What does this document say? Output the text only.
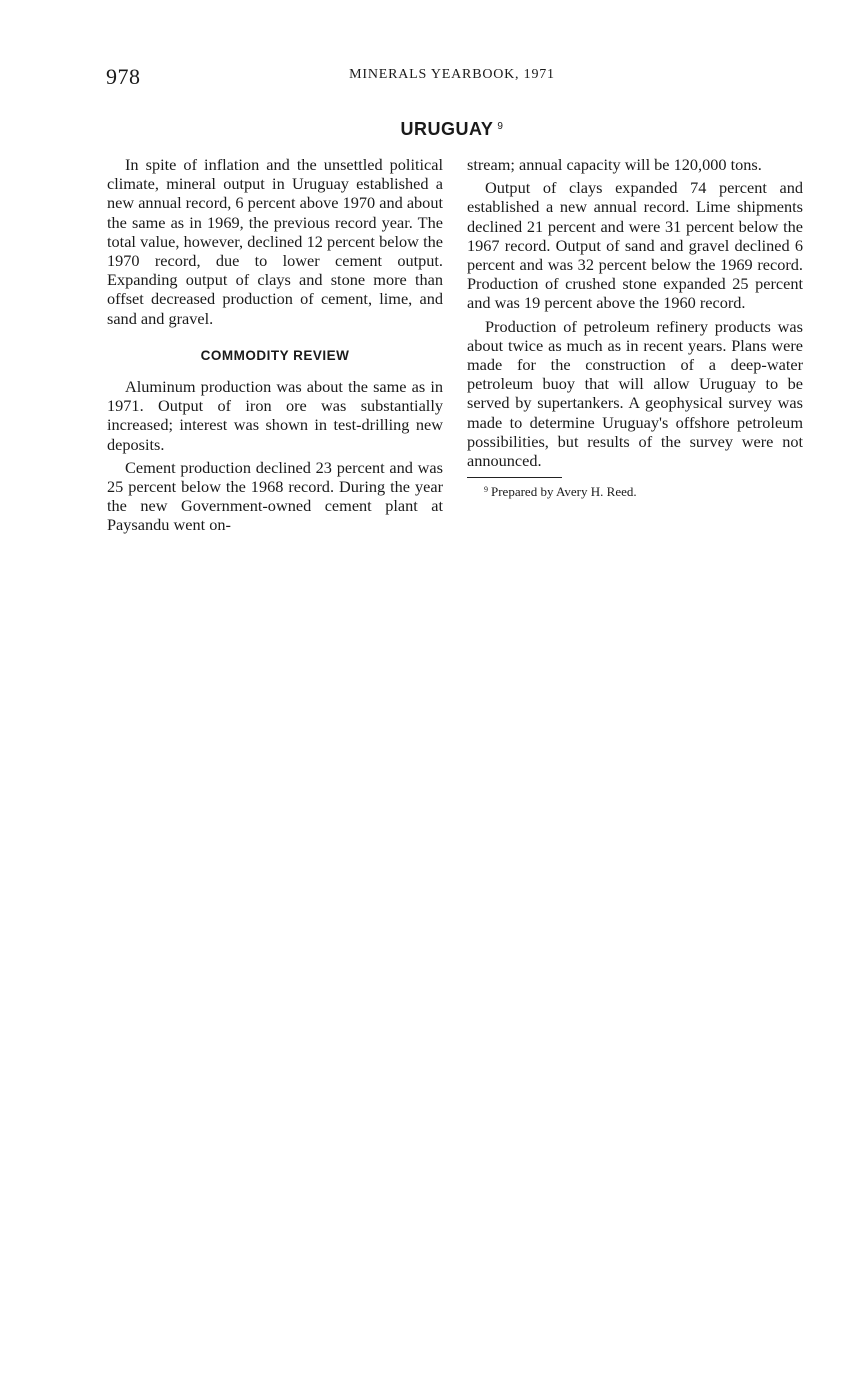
978	MINERALS YEARBOOK, 1971
URUGUAY $^9$

In spite of inflation and the unsettled political climate, mineral output in Uruguay established a new annual record, 6 percent above 1970 and about the same as in 1969, the previous record year. The total value, however, declined 12 percent below the 1970 record, due to lower cement output. Expanding output of clays and stone more than offset decreased production of cement, lime, and sand and gravel.

COMMODITY REVIEW

Aluminum production was about the same as in 1971. Output of iron ore was substantially increased; interest was shown in test-drilling new deposits.

Cement production declined 23 percent and was 25 percent below the 1968 record. During the year the new Government-owned cement plant at Paysandu went on-

stream; annual capacity will be 120,000 tons.

Output of clays expanded 74 percent and established a new annual record. Lime shipments declined 21 percent and were 31 percent below the 1967 record. Output of sand and gravel declined 6 percent and was 32 percent below the 1969 record. Production of crushed stone expanded 25 percent and was 19 percent above the 1960 record.

Production of petroleum refinery products was about twice as much as in recent years. Plans were made for the construction of a deep-water petroleum buoy that will allow Uruguay to be served by supertankers. A geophysical survey was made to determine Uruguay's offshore petroleum possibilities, but results of the survey were not announced.

$^9$ Prepared by Avery H. Reed.
